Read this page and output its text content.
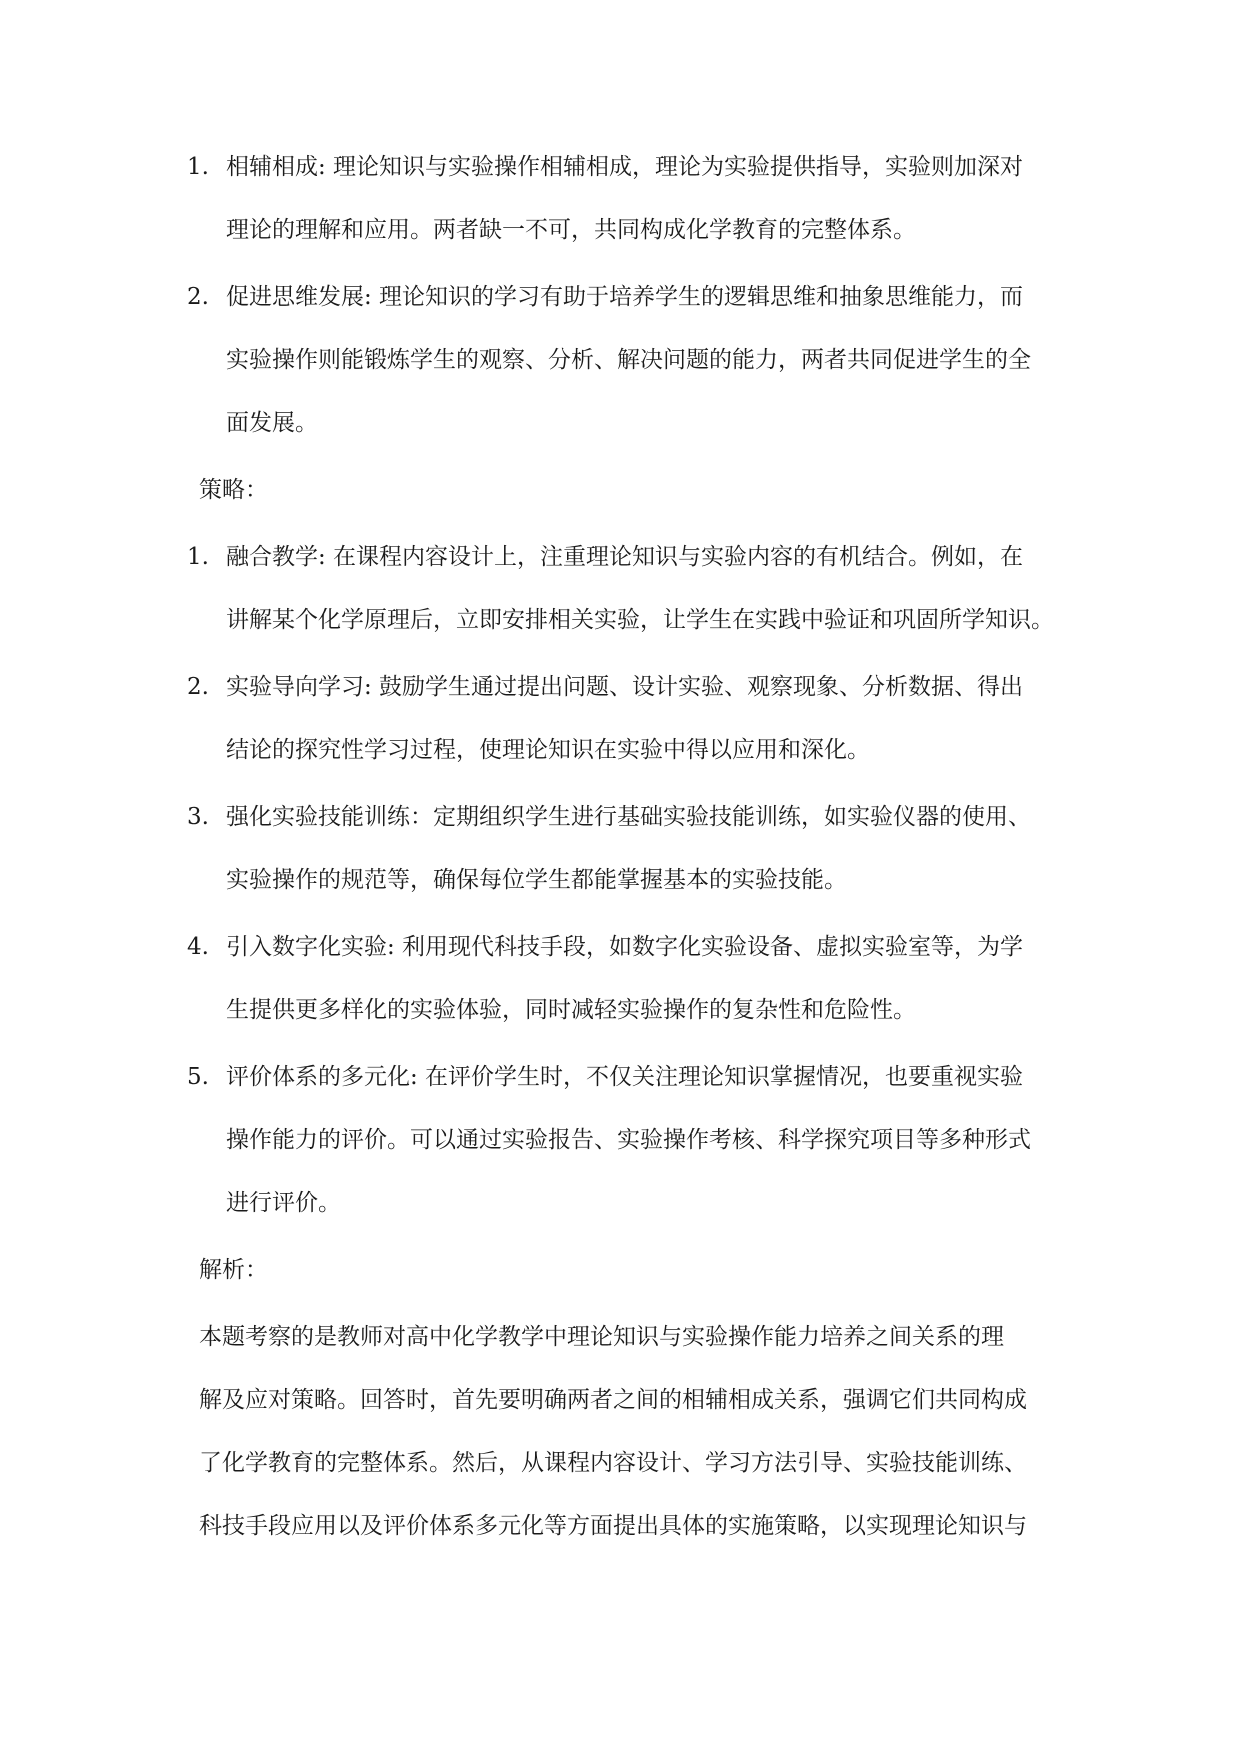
1. 相辅相成: 理论知识与实验操作相辅相成，理论为实验提供指导，实验则加深对
理论的理解和应用。两者缺一不可，共同构成化学教育的完整体系。
2. 促进思维发展: 理论知识的学习有助于培养学生的逻辑思维和抽象思维能力，而
实验操作则能锻炼学生的观察、分析、解决问题的能力，两者共同促进学生的全
面发展。
策略：
1. 融合教学: 在课程内容设计上，注重理论知识与实验内容的有机结合。例如，在
讲解某个化学原理后，立即安排相关实验，让学生在实践中验证和巩固所学知识。
2. 实验导向学习: 鼓励学生通过提出问题、设计实验、观察现象、分析数据、得出
结论的探究性学习过程，使理论知识在实验中得以应用和深化。
3. 强化实验技能训练：定期组织学生进行基础实验技能训练，如实验仪器的使用、
实验操作的规范等，确保每位学生都能掌握基本的实验技能。
4. 引入数字化实验: 利用现代科技手段，如数字化实验设备、虚拟实验室等，为学
生提供更多样化的实验体验，同时减轻实验操作的复杂性和危险性。
5. 评价体系的多元化: 在评价学生时，不仅关注理论知识掌握情况，也要重视实验
操作能力的评价。可以通过实验报告、实验操作考核、科学探究项目等多种形式
进行评价。
解析：
本题考察的是教师对高中化学教学中理论知识与实验操作能力培养之间关系的理
解及应对策略。回答时，首先要明确两者之间的相辅相成关系，强调它们共同构成
了化学教育的完整体系。然后，从课程内容设计、学习方法引导、实验技能训练、
科技手段应用以及评价体系多元化等方面提出具体的实施策略，以实现理论知识与
